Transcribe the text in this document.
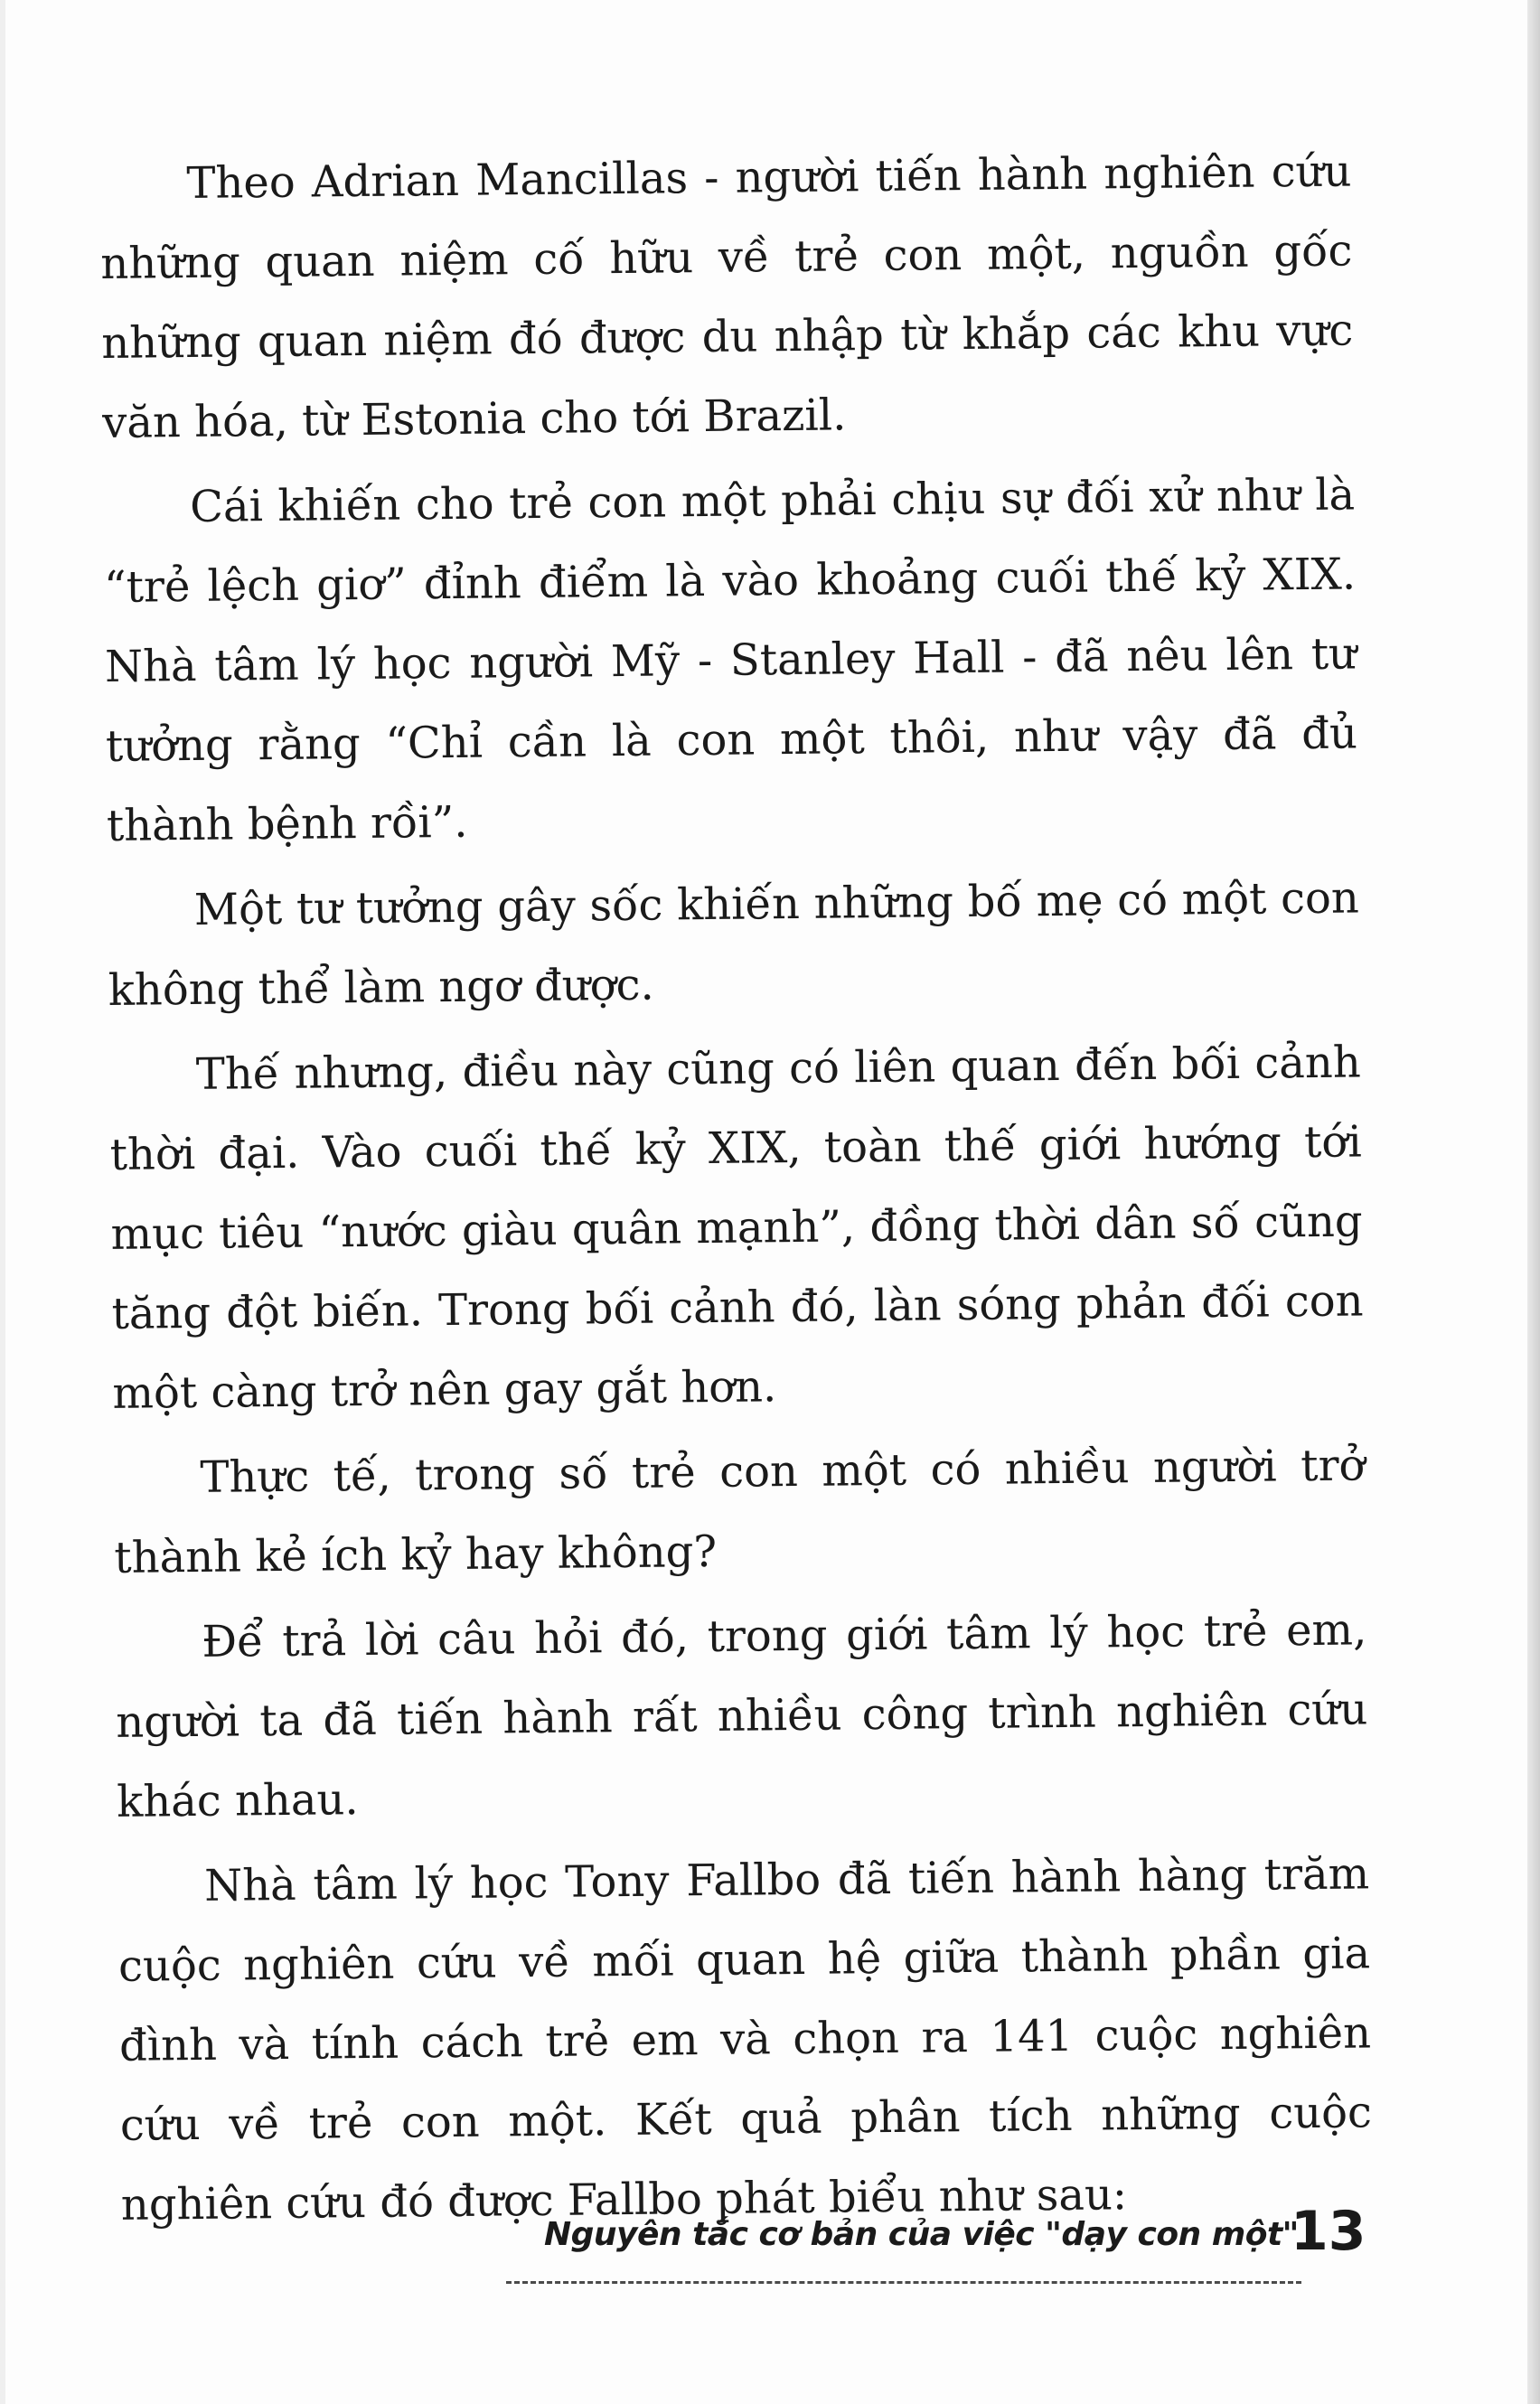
Theo Adrian Mancillas - người tiến hành nghiên cứu những quan niệm cố hữu về trẻ con một, nguồn gốc những quan niệm đó được du nhập từ khắp các khu vực văn hóa, từ Estonia cho tới Brazil.

Cái khiến cho trẻ con một phải chịu sự đối xử như là “trẻ lệch giơ” đỉnh điểm là vào khoảng cuối thế kỷ XIX. Nhà tâm lý học người Mỹ - Stanley Hall - đã nêu lên tư tưởng rằng “Chỉ cần là con một thôi, như vậy đã đủ thành bệnh rồi”.

Một tư tưởng gây sốc khiến những bố mẹ có một con không thể làm ngơ được.

Thế nhưng, điều này cũng có liên quan đến bối cảnh thời đại. Vào cuối thế kỷ XIX, toàn thế giới hướng tới mục tiêu “nước giàu quân mạnh”, đồng thời dân số cũng tăng đột biến. Trong bối cảnh đó, làn sóng phản đối con một càng trở nên gay gắt hơn.

Thực tế, trong số trẻ con một có nhiều người trở thành kẻ ích kỷ hay không?

Để trả lời câu hỏi đó, trong giới tâm lý học trẻ em, người ta đã tiến hành rất nhiều công trình nghiên cứu khác nhau.

Nhà tâm lý học Tony Fallbo đã tiến hành hàng trăm cuộc nghiên cứu về mối quan hệ giữa thành phần gia đình và tính cách trẻ em và chọn ra 141 cuộc nghiên cứu về trẻ con một. Kết quả phân tích những cuộc nghiên cứu đó được Fallbo phát biểu như sau:

Nguyên tắc cơ bản của việc "dạy con một"
13
